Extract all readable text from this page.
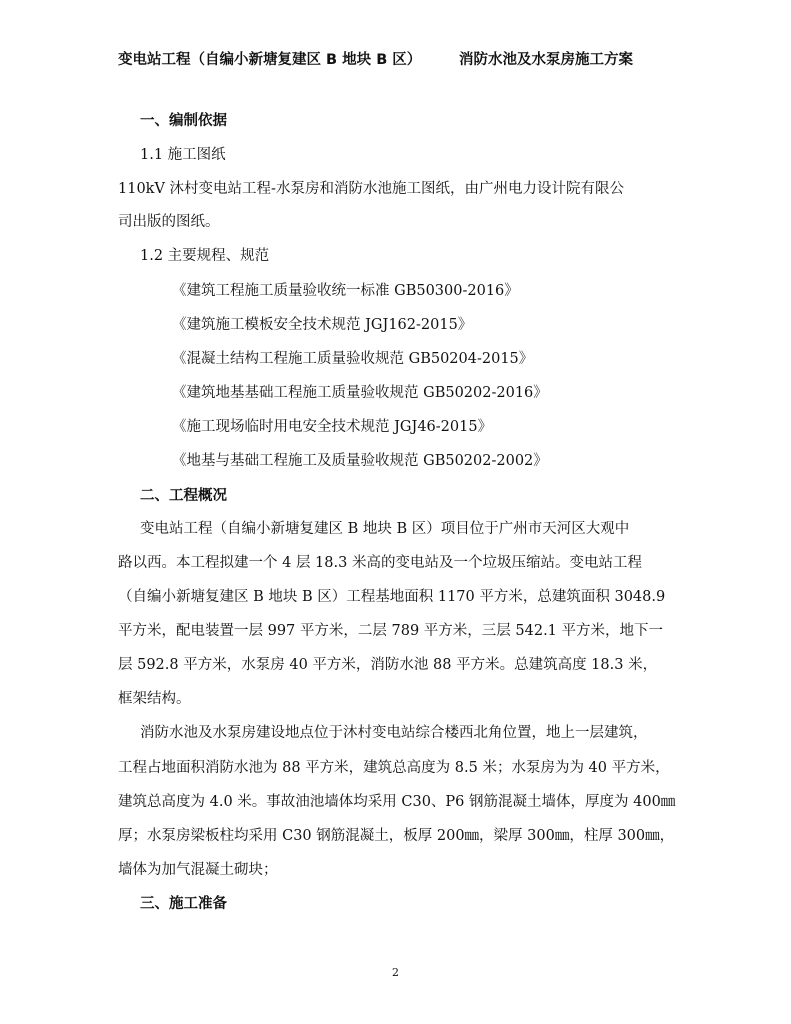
变电站工程（自编小新塘复建区 B 地块 B 区）	消防水池及水泵房施工方案
一、编制依据
1.1 施工图纸
110kV 沐村变电站工程-水泵房和消防水池施工图纸，由广州电力设计院有限公
司出版的图纸。
1.2 主要规程、规范
《建筑工程施工质量验收统一标准 GB50300-2016》
《建筑施工模板安全技术规范 JGJ162-2015》
《混凝土结构工程施工质量验收规范 GB50204-2015》
《建筑地基基础工程施工质量验收规范 GB50202-2016》
《施工现场临时用电安全技术规范 JGJ46-2015》
《地基与基础工程施工及质量验收规范 GB50202-2002》
二、工程概况
变电站工程（自编小新塘复建区 B 地块 B 区）项目位于广州市天河区大观中
路以西。本工程拟建一个 4 层 18.3 米高的变电站及一个垃圾压缩站。变电站工程
（自编小新塘复建区 B 地块 B 区）工程基地面积 1170 平方米，总建筑面积 3048.9
平方米，配电装置一层 997 平方米，二层 789 平方米，三层 542.1 平方米，地下一
层 592.8 平方米，水泵房 40 平方米，消防水池 88 平方米。总建筑高度 18.3 米，
框架结构。
消防水池及水泵房建设地点位于沐村变电站综合楼西北角位置，地上一层建筑，
工程占地面积消防水池为 88 平方米，建筑总高度为 8.5 米；水泵房为为 40 平方米，
建筑总高度为 4.0 米。事故油池墙体均采用 C30、P6 钢筋混凝土墙体，厚度为 400㎜
厚；水泵房梁板柱均采用 C30 钢筋混凝土，板厚 200㎜，梁厚 300㎜，柱厚 300㎜，
墙体为加气混凝土砌块；
三、施工准备
2
